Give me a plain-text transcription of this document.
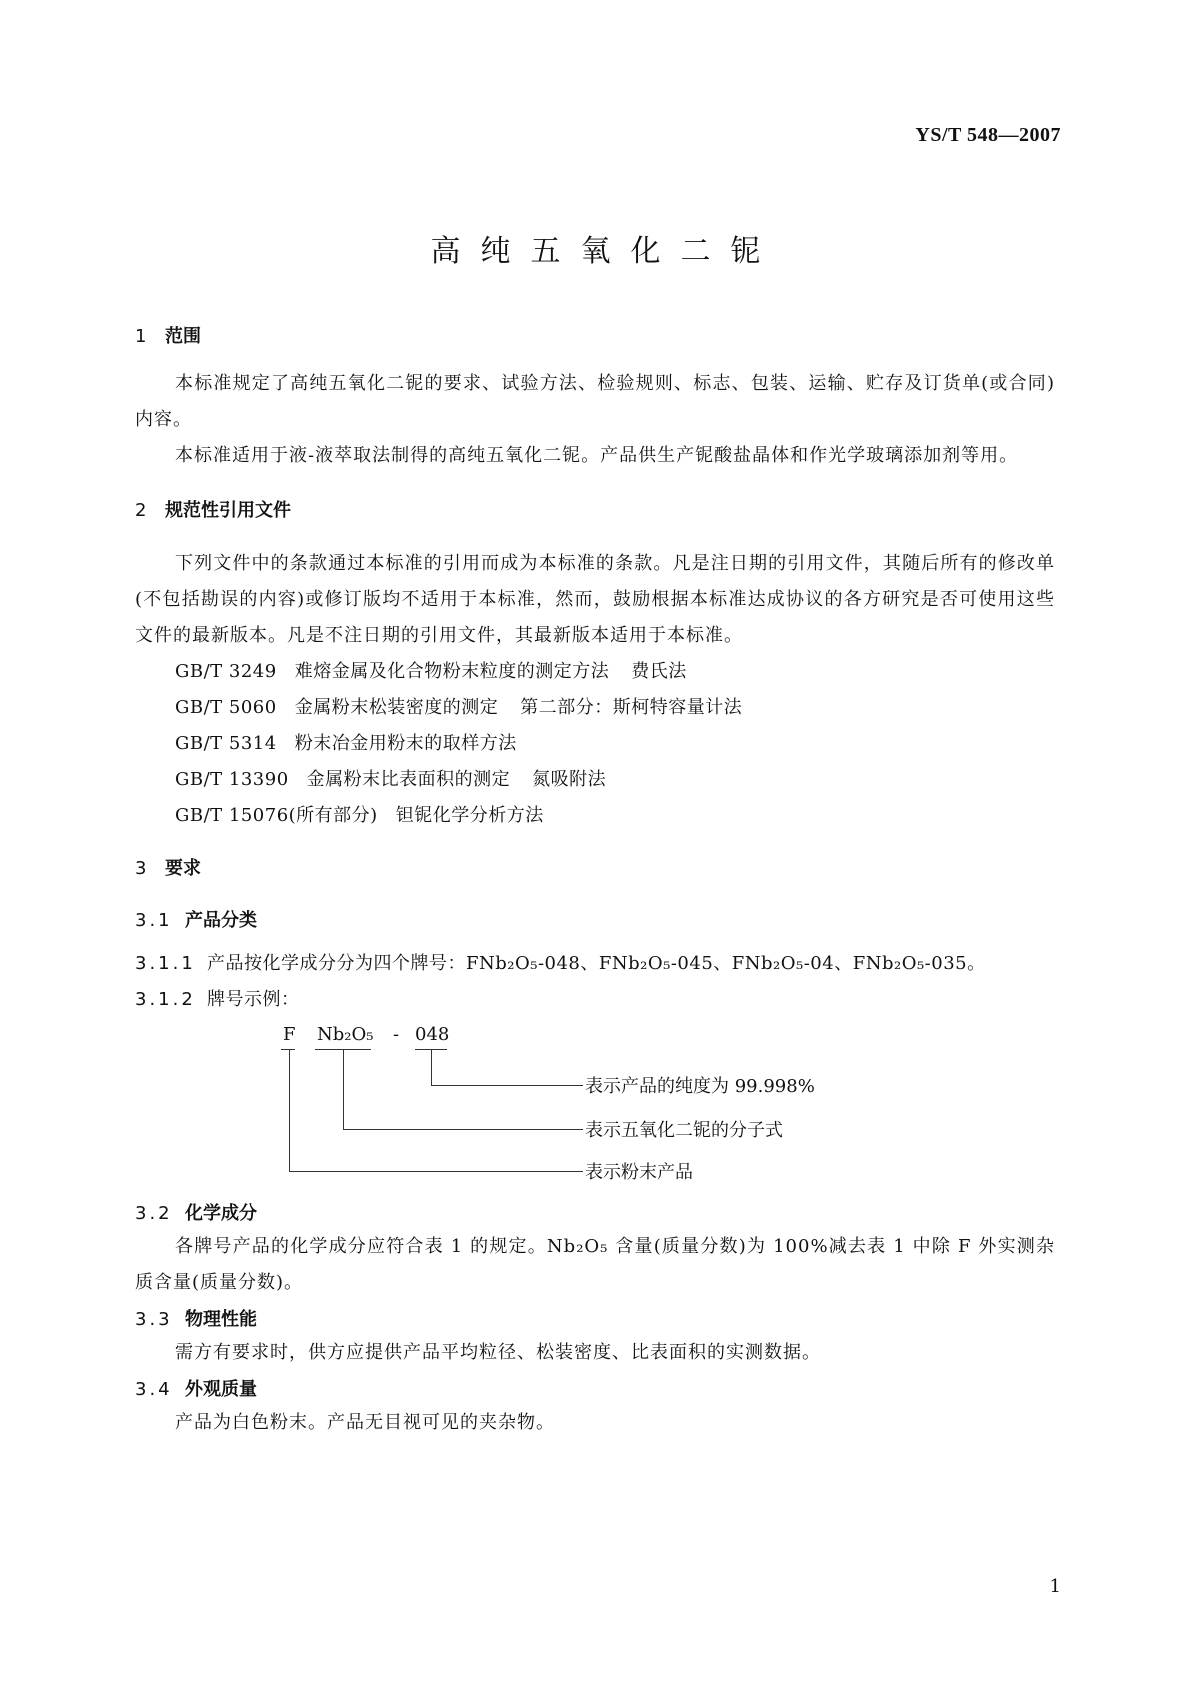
YS/T 548—2007
高纯五氧化二铌
1 范围

本标准规定了高纯五氧化二铌的要求、试验方法、检验规则、标志、包装、运输、贮存及订货单(或合同)内容。

本标准适用于液-液萃取法制得的高纯五氧化二铌。产品供生产铌酸盐晶体和作光学玻璃添加剂等用。

2 规范性引用文件

下列文件中的条款通过本标准的引用而成为本标准的条款。凡是注日期的引用文件，其随后所有的修改单(不包括勘误的内容)或修订版均不适用于本标准，然而，鼓励根据本标准达成协议的各方研究是否可使用这些文件的最新版本。凡是不注日期的引用文件，其最新版本适用于本标准。

GB/T 3249 难熔金属及化合物粉末粒度的测定方法 费氏法

GB/T 5060 金属粉末松装密度的测定 第二部分：斯柯特容量计法

GB/T 5314 粉末冶金用粉末的取样方法

GB/T 13390 金属粉末比表面积的测定 氮吸附法

GB/T 15076(所有部分) 钽铌化学分析方法

3 要求
3.1 产品分类

3.1.1 产品按化学成分分为四个牌号：FNb₂O₅-048、FNb₂O₅-045、FNb₂O₅-04、FNb₂O₅-035。

3.1.2 牌号示例：

F Nb₂O₅ - 048
表示产品的纯度为 99.998%
表示五氧化二铌的分子式
表示粉末产品
3.2 化学成分

各牌号产品的化学成分应符合表 1 的规定。Nb₂O₅ 含量(质量分数)为 100%减去表 1 中除 F 外实测杂质含量(质量分数)。

3.3 物理性能

需方有要求时，供方应提供产品平均粒径、松装密度、比表面积的实测数据。

3.4 外观质量

产品为白色粉末。产品无目视可见的夹杂物。

1
